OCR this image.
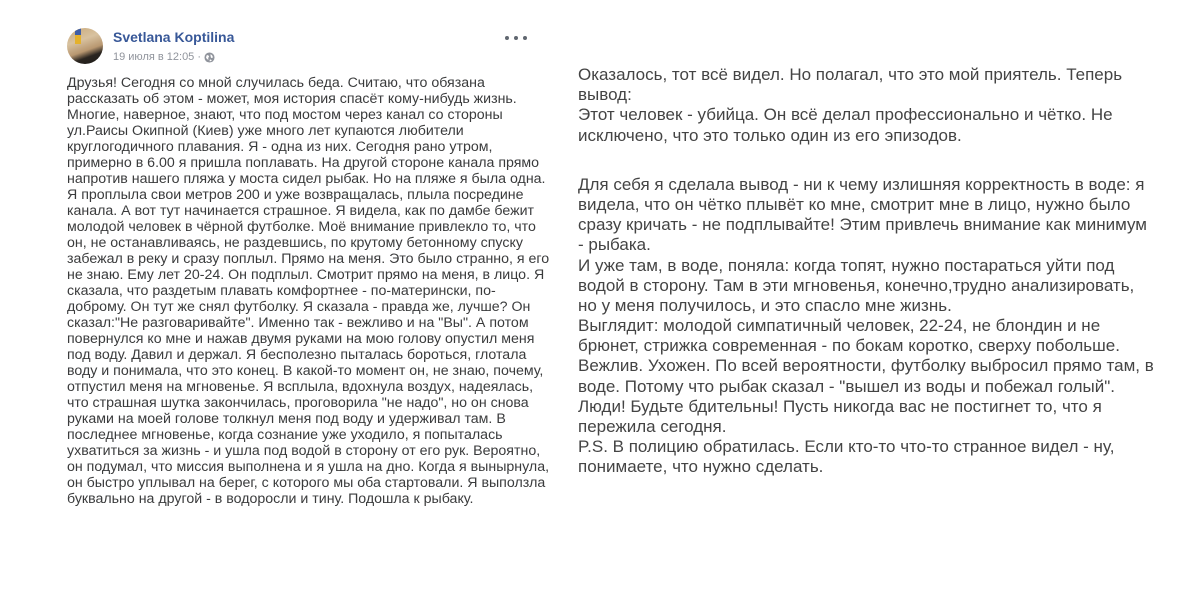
Svetlana Koptilina
19 июля в 12:05 ·
Друзья! Сегодня со мной случилась беда. Считаю, что обязана
рассказать об этом - может, моя история спасёт кому-нибудь жизнь.
Многие, наверное, знают, что под мостом через канал со стороны
ул.Раисы Окипной (Киев) уже много лет купаются любители
круглогодичного плавания. Я - одна из них. Сегодня рано утром,
примерно в 6.00 я пришла поплавать. На другой стороне канала прямо
напротив нашего пляжа у моста сидел рыбак. Но на пляже я была одна.
Я проплыла свои метров 200 и уже возвращалась, плыла посредине
канала. А вот тут начинается страшное. Я видела, как по дамбе бежит
молодой человек в чёрной футболке. Моё внимание привлекло то, что
он, не останавливаясь, не раздевшись, по крутому бетонному спуску
забежал в реку и сразу поплыл. Прямо на меня. Это было странно, я его
не знаю. Ему лет 20-24. Он подплыл. Смотрит прямо на меня, в лицо. Я
сказала, что раздетым плавать комфортнее - по-матерински, по-
доброму. Он тут же снял футболку. Я сказала - правда же, лучше? Он
сказал:"Не разговаривайте". Именно так - вежливо и на "Вы". А потом
повернулся ко мне и нажав двумя руками на мою голову опустил меня
под воду. Давил и держал. Я бесполезно пыталась бороться, глотала
воду и понимала, что это конец. В какой-то момент он, не знаю, почему,
отпустил меня на мгновенье. Я всплыла, вдохнула воздух, надеялась,
что страшная шутка закончилась, проговорила "не надо", но он снова
руками на моей голове толкнул меня под воду и удерживал там. В
последнее мгновенье, когда сознание уже уходило, я попыталась
ухватиться за жизнь - и ушла под водой в сторону от его рук. Вероятно,
он подумал, что миссия выполнена и я ушла на дно. Когда я вынырнула,
он быстро уплывал на берег, с которого мы оба стартовали. Я выползла
буквально на другой - в водоросли и тину. Подошла к рыбаку.
Оказалось, тот всё видел. Но полагал, что это мой приятель. Теперь
вывод:
Этот человек - убийца. Он всё делал профессионально и чётко. Не
исключено, что это только один из его эпизодов.
Для себя я сделала вывод - ни к чему излишняя корректность в воде: я
видела, что он чётко плывёт ко мне, смотрит мне в лицо, нужно было
сразу кричать - не подплывайте! Этим привлечь внимание как минимум
- рыбака.
И уже там, в воде, поняла: когда топят, нужно постараться уйти под
водой в сторону. Там в эти мгновенья, конечно,трудно анализировать,
но у меня получилось, и это спасло мне жизнь.
Выглядит: молодой симпатичный человек, 22-24, не блондин и не
брюнет, стрижка современная - по бокам коротко, сверху побольше.
Вежлив. Ухожен. По всей вероятности, футболку выбросил прямо там, в
воде. Потому что рыбак сказал - "вышел из воды и побежал голый".
Люди! Будьте бдительны! Пусть никогда вас не постигнет то, что я
пережила сегодня.
P.S. В полицию обратилась. Если кто-то что-то странное видел - ну,
понимаете, что нужно сделать.
